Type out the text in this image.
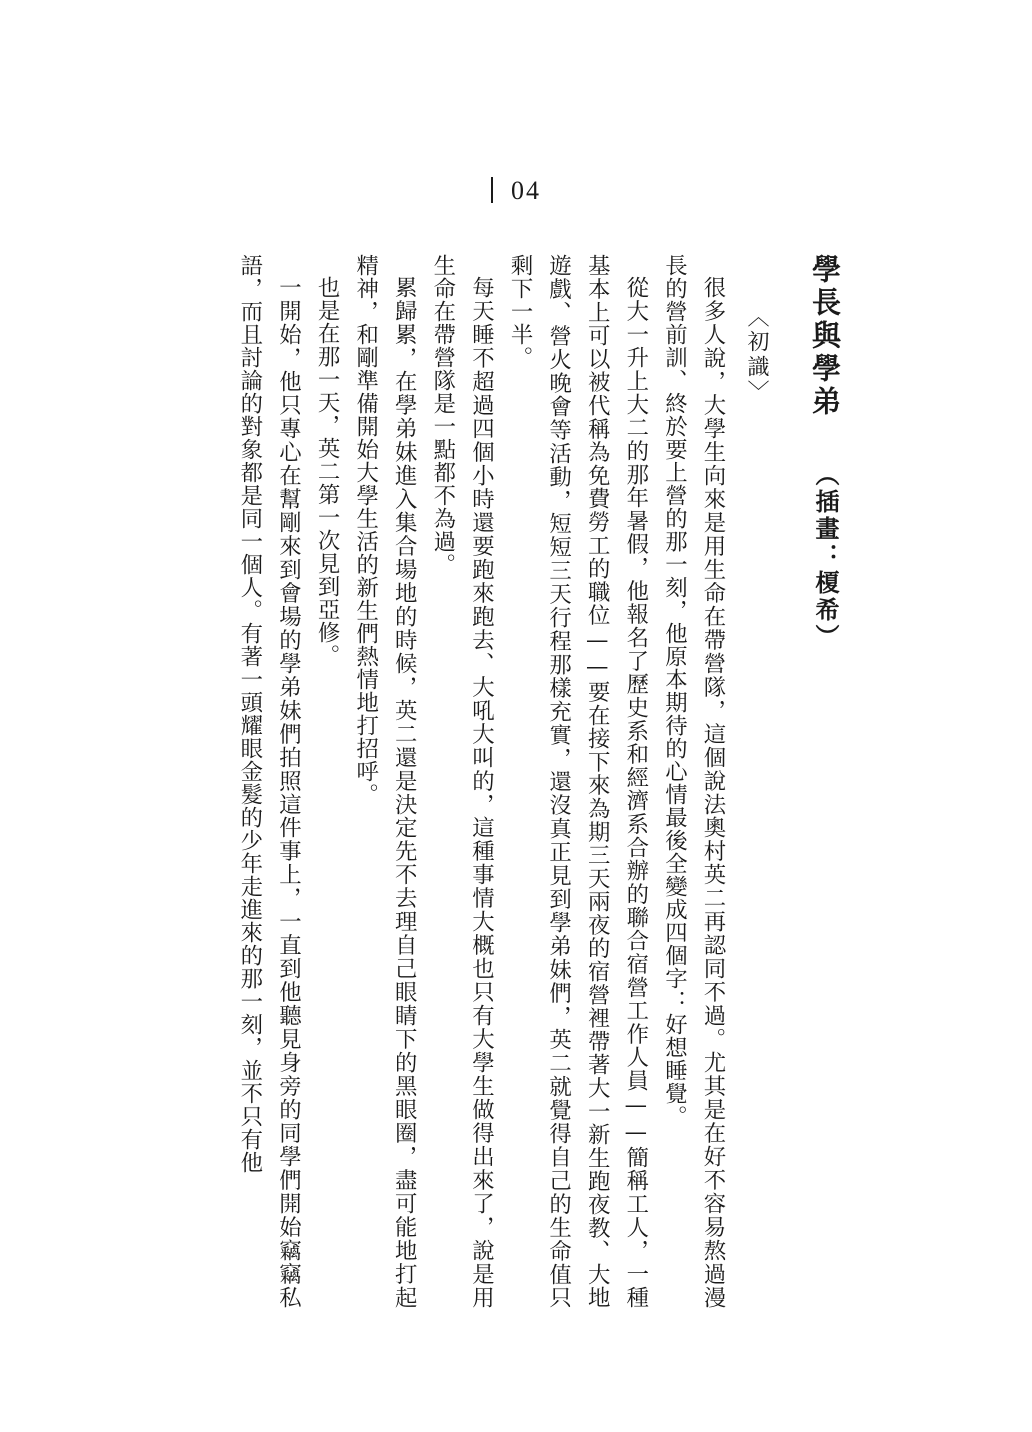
04
學長與學弟
（插畫：榎希）
〈初識〉

很多人說，大學生向來是用生命在帶營隊，這個說法奧村英二再認同不過。尤其是在好不容易熬過漫長的營前訓、終於要上營的那一刻，他原本期待的心情最後全變成四個字：好想睡覺。

從大一升上大二的那年暑假，他報名了歷史系和經濟系合辦的聯合宿營工作人員——簡稱工人，一種基本上可以被代稱為免費勞工的職位——要在接下來為期三天兩夜的宿營裡帶著大一新生跑夜教、大地遊戲、營火晚會等活動，短短三天行程那樣充實，還沒真正見到學弟妹們，英二就覺得自己的生命值只剩下一半。

每天睡不超過四個小時還要跑來跑去、大吼大叫的，這種事情大概也只有大學生做得出來了，說是用生命在帶營隊是一點都不為過。

累歸累，在學弟妹進入集合場地的時候，英二還是決定先不去理自己眼睛下的黑眼圈，盡可能地打起精神，和剛準備開始大學生活的新生們熱情地打招呼。

也是在那一天，英二第一次見到亞修。

一開始，他只專心在幫剛來到會場的學弟妹們拍照這件事上，一直到他聽見身旁的同學們開始竊竊私語，而且討論的對象都是同一個人。有著一頭耀眼金髮的少年走進來的那一刻，並不只有他
